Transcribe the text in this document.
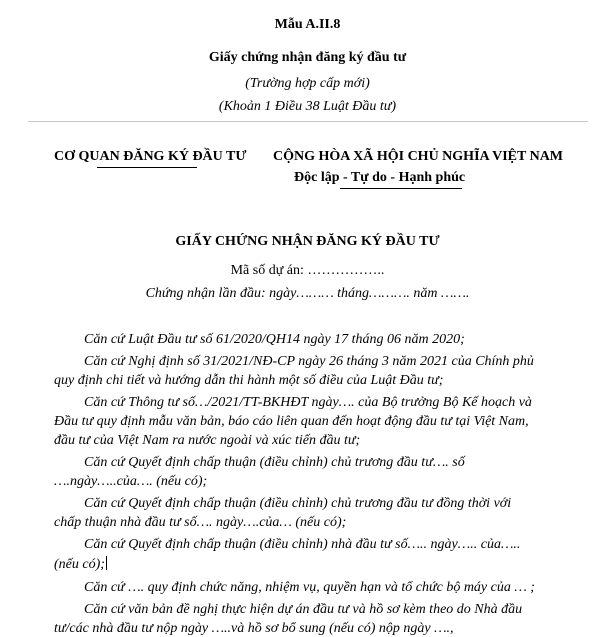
Mẫu A.II.8
Giấy chứng nhận đăng ký đầu tư
(Trường hợp cấp mới)
(Khoản 1 Điều 38 Luật Đầu tư)
CƠ QUAN ĐĂNG KÝ ĐẦU TƯ CỘNG HÒA XÃ HỘI CHỦ NGHĨA VIỆT NAM
Độc lập - Tự do - Hạnh phúc
GIẤY CHỨNG NHẬN ĐĂNG KÝ ĐẦU TƯ
Mã số dự án: ……………..
Chứng nhận lần đầu: ngày……… tháng………. năm …….
Căn cứ Luật Đầu tư số 61/2020/QH14 ngày 17 tháng 06 năm 2020;
Căn cứ Nghị định số 31/2021/NĐ-CP ngày 26 tháng 3 năm 2021 của Chính phủ
quy định chi tiết và hướng dẫn thi hành một số điều của Luật Đầu tư;
Căn cứ Thông tư số…/2021/TT-BKHĐT ngày…. của Bộ trưởng Bộ Kế hoạch và
Đầu tư quy định mẫu văn bản, báo cáo liên quan đến hoạt động đầu tư tại Việt Nam,
đầu tư của Việt Nam ra nước ngoài và xúc tiến đầu tư;
Căn cứ Quyết định chấp thuận (điều chỉnh) chủ trương đầu tư…. số
….ngày…..của…. (nếu có);
Căn cứ Quyết định chấp thuận (điều chỉnh) chủ trương đầu tư đồng thời với
chấp thuận nhà đầu tư số…. ngày….của… (nếu có);
Căn cứ Quyết định chấp thuận (điều chỉnh) nhà đầu tư số….. ngày….. của…..
(nếu có);
Căn cứ …. quy định chức năng, nhiệm vụ, quyền hạn và tổ chức bộ máy của … ;
Căn cứ văn bản đề nghị thực hiện dự án đầu tư và hồ sơ kèm theo do Nhà đầu
tư/các nhà đầu tư nộp ngày …..và hồ sơ bổ sung (nếu có) nộp ngày ….,
